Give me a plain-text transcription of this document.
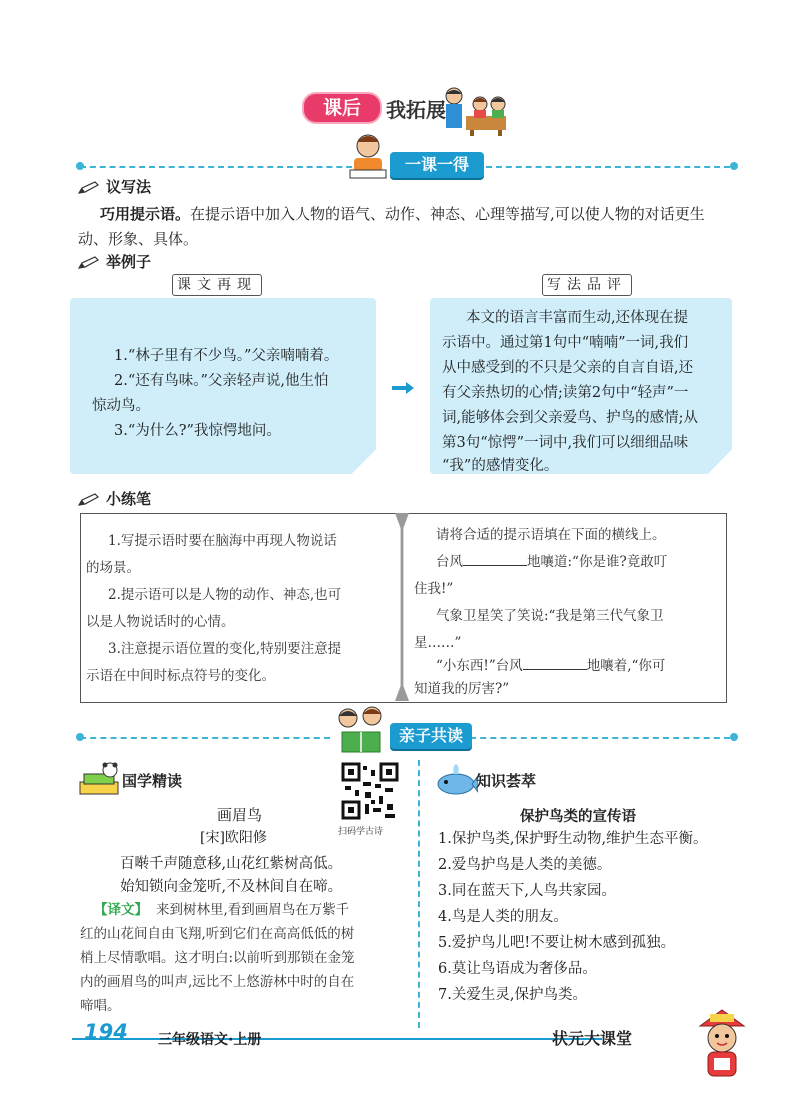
课后	我拓展
一课一得
议写法
巧用提示语。在提示语中加入人物的语气、动作、神态、心理等描写,可以使人物的对话更生
动、形象、具体。
举例子
课文再现	写法品评
1.“林子里有不少鸟。”父亲喃喃着。
2.“还有鸟味。”父亲轻声说,他生怕
惊动鸟。
3.“为什么?”我惊愕地问。
本文的语言丰富而生动,还体现在提
示语中。通过第1句中“喃喃”一词,我们
从中感受到的不只是父亲的自言自语,还
有父亲热切的心情;读第2句中“轻声”一
词,能够体会到父亲爱鸟、护鸟的感情;从
第3句“惊愕”一词中,我们可以细细品味
“我”的感情变化。
小练笔
1.写提示语时要在脑海中再现人物说话
的场景。
2.提示语可以是人物的动作、神态,也可
以是人物说话时的心情。
3.注意提示语位置的变化,特别要注意提
示语在中间时标点符号的变化。
请将合适的提示语填在下面的横线上。
台风	地嚷道:“你是谁?竟敢叮
住我!”
气象卫星笑了笑说:“我是第三代气象卫
星……”
“小东西!”台风	地嚷着,“你可
知道我的厉害?”
亲子共读
国学精读
扫码学古诗
画眉鸟
[宋]欧阳修
百啭千声随意移,山花红紫树高低。
始知锁向金笼听,不及林间自在啼。
【译文】 来到树林里,看到画眉鸟在万紫千
红的山花间自由飞翔,听到它们在高高低低的树
梢上尽情歌唱。这才明白:以前听到那锁在金笼
内的画眉鸟的叫声,远比不上悠游林中时的自在
啼唱。
知识荟萃
保护鸟类的宣传语
1.保护鸟类,保护野生动物,维护生态平衡。
2.爱鸟护鸟是人类的美德。
3.同在蓝天下,人鸟共家园。
4.鸟是人类的朋友。
5.爱护鸟儿吧!不要让树木感到孤独。
6.莫让鸟语成为奢侈品。
7.关爱生灵,保护鸟类。
194 三年级语文·上册	状元大课堂
